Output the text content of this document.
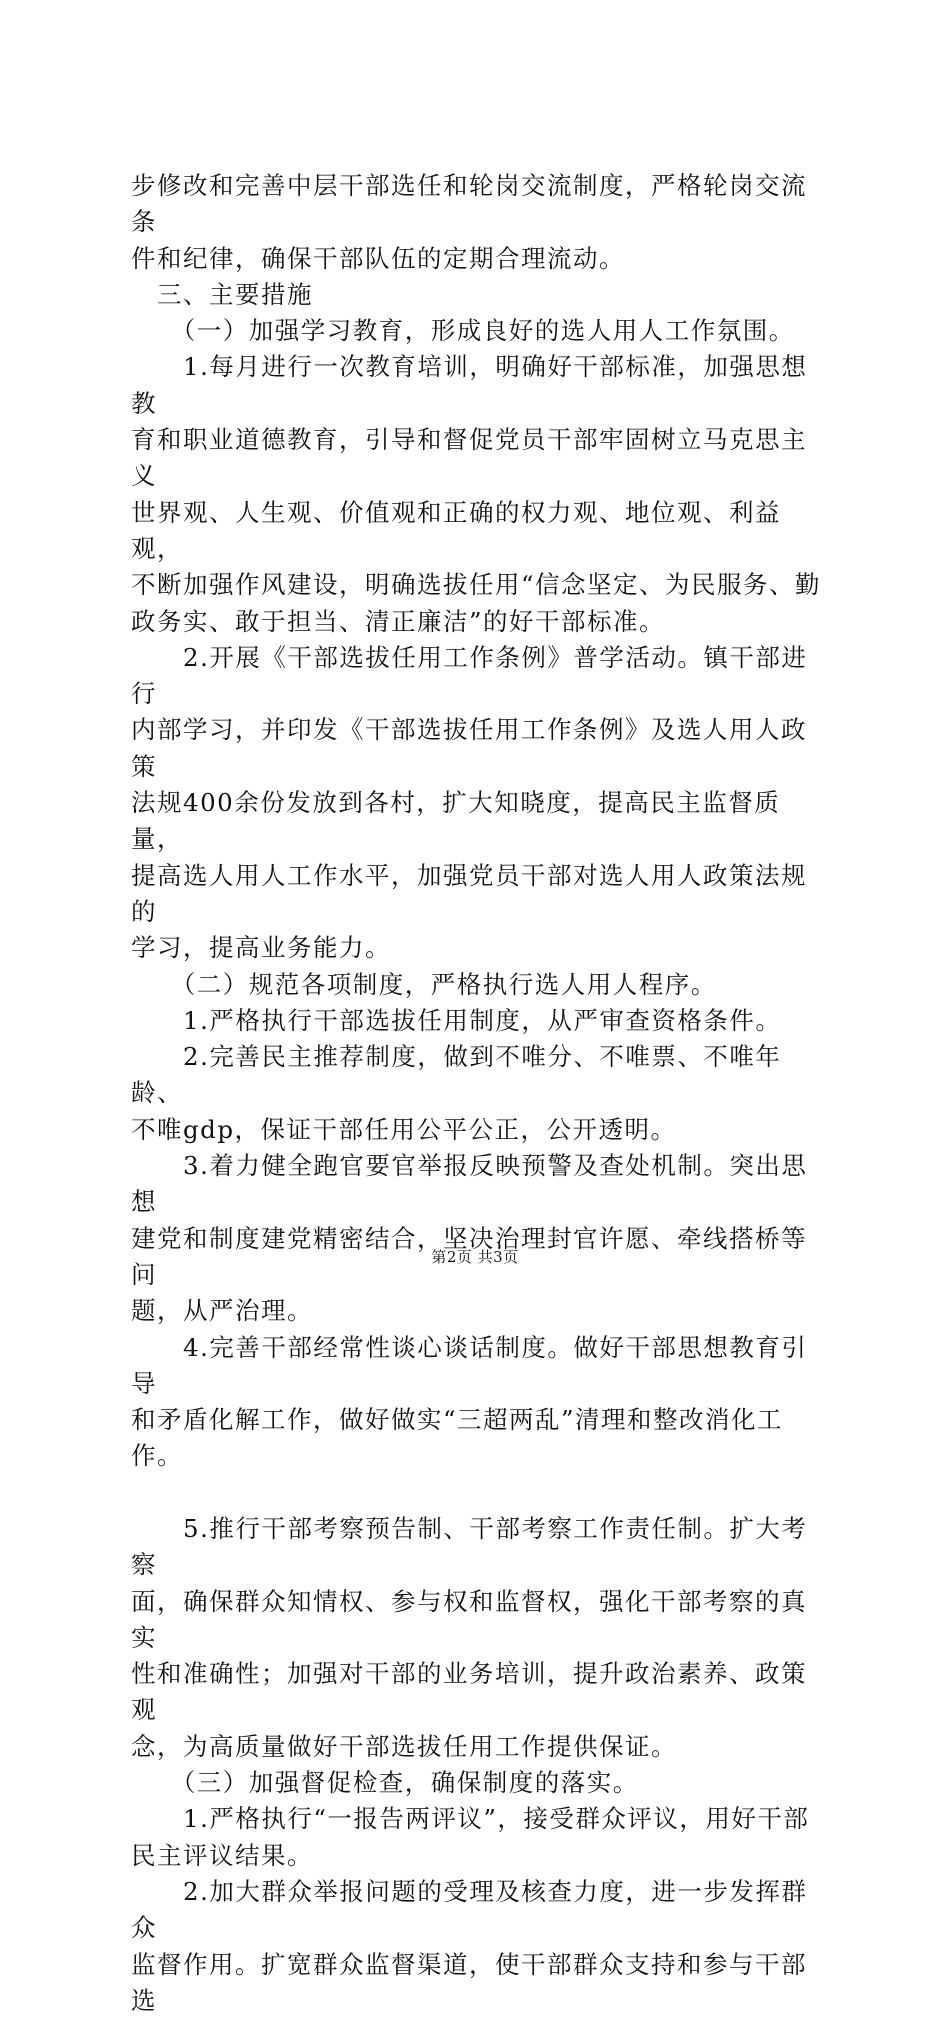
步修改和完善中层干部选任和轮岗交流制度，严格轮岗交流条
件和纪律，确保干部队伍的定期合理流动。
　三、主要措施
　　（一）加强学习教育，形成良好的选人用人工作氛围。
　　1.每月进行一次教育培训，明确好干部标准，加强思想教
育和职业道德教育，引导和督促党员干部牢固树立马克思主义
世界观、人生观、价值观和正确的权力观、地位观、利益观，
不断加强作风建设，明确选拔任用“信念坚定、为民服务、勤
政务实、敢于担当、清正廉洁”的好干部标准。
　　2.开展《干部选拔任用工作条例》普学活动。镇干部进行
内部学习，并印发《干部选拔任用工作条例》及选人用人政策
法规400余份发放到各村，扩大知晓度，提高民主监督质量，
提高选人用人工作水平，加强党员干部对选人用人政策法规的
学习，提高业务能力。
　　（二）规范各项制度，严格执行选人用人程序。
　　1.严格执行干部选拔任用制度，从严审查资格条件。
　　2.完善民主推荐制度，做到不唯分、不唯票、不唯年龄、
不唯gdp，保证干部任用公平公正，公开透明。
　　3.着力健全跑官要官举报反映预警及查处机制。突出思想
建党和制度建党精密结合，坚决治理封官许愿、牵线搭桥等问
题，从严治理。
　　4.完善干部经常性谈心谈话制度。做好干部思想教育引导
和矛盾化解工作，做好做实“三超两乱”清理和整改消化工作。
　　5.推行干部考察预告制、干部考察工作责任制。扩大考察
面，确保群众知情权、参与权和监督权，强化干部考察的真实
性和准确性；加强对干部的业务培训，提升政治素养、政策观
念，为高质量做好干部选拔任用工作提供保证。
　　（三）加强督促检查，确保制度的落实。
　　1.严格执行“一报告两评议”，接受群众评议，用好干部
民主评议结果。
　　2.加大群众举报问题的受理及核查力度，进一步发挥群众
监督作用。扩宽群众监督渠道，使干部群众支持和参与干部选
第2页 共3页
